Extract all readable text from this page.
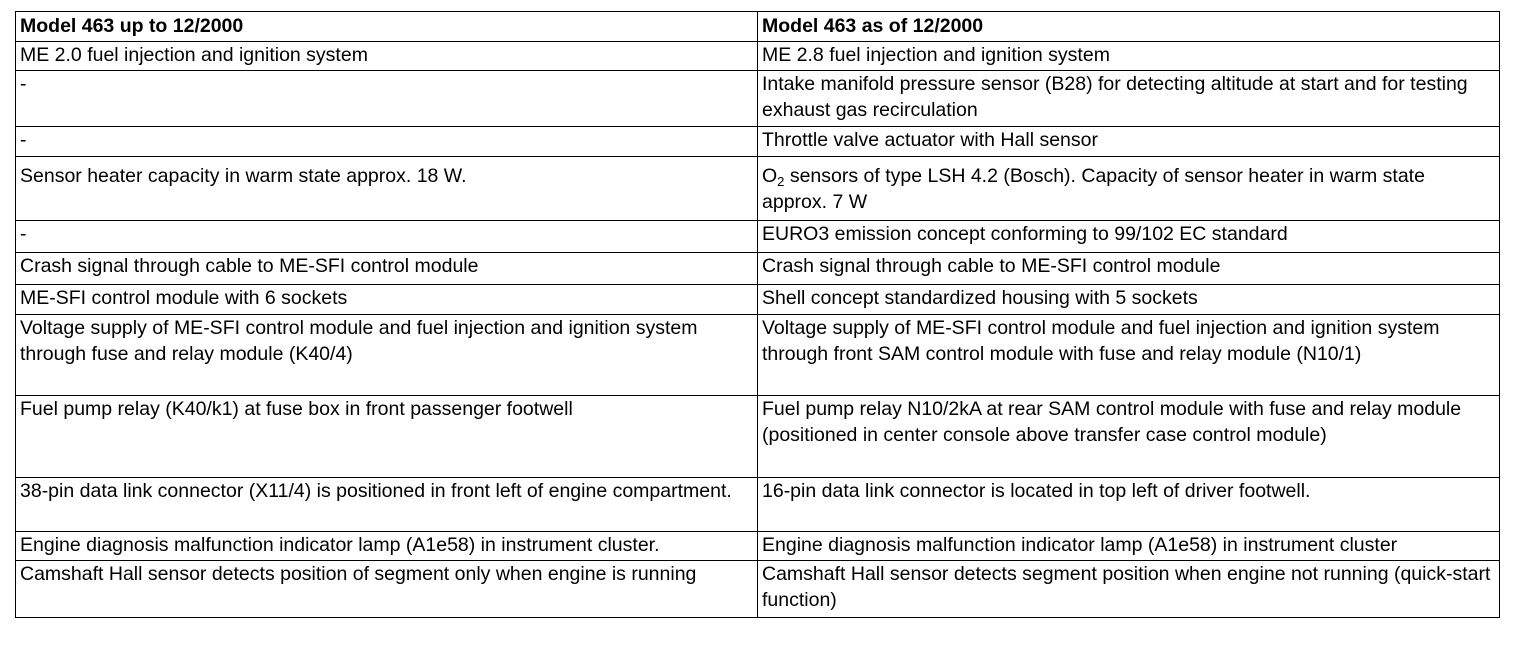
Model 463 up to 12/2000	Model 463 as of 12/2000
ME 2.0 fuel injection and ignition system	ME 2.8 fuel injection and ignition system
-	Intake manifold pressure sensor (B28) for detecting altitude at start and for testing exhaust gas recirculation
-	Throttle valve actuator with Hall sensor
Sensor heater capacity in warm state approx. 18 W.	$O_2$ sensors of type LSH 4.2 (Bosch). Capacity of sensor heater in warm state approx. 7 W
-	EURO3 emission concept conforming to 99/102 EC standard
Crash signal through cable to ME-SFI control module	Crash signal through cable to ME-SFI control module
ME-SFI control module with 6 sockets	Shell concept standardized housing with 5 sockets
Voltage supply of ME-SFI control module and fuel injection and ignition system through fuse and relay module (K40/4)	Voltage supply of ME-SFI control module and fuel injection and ignition system through front SAM control module with fuse and relay module (N10/1)
Fuel pump relay (K40/k1) at fuse box in front passenger footwell	Fuel pump relay N10/2kA at rear SAM control module with fuse and relay module (positioned in center console above transfer case control module)
38-pin data link connector (X11/4) is positioned in front left of engine compartment.	16-pin data link connector is located in top left of driver footwell.
Engine diagnosis malfunction indicator lamp (A1e58) in instrument cluster.	Engine diagnosis malfunction indicator lamp (A1e58) in instrument cluster
Camshaft Hall sensor detects position of segment only when engine is running	Camshaft Hall sensor detects segment position when engine not running (quick-start function)
